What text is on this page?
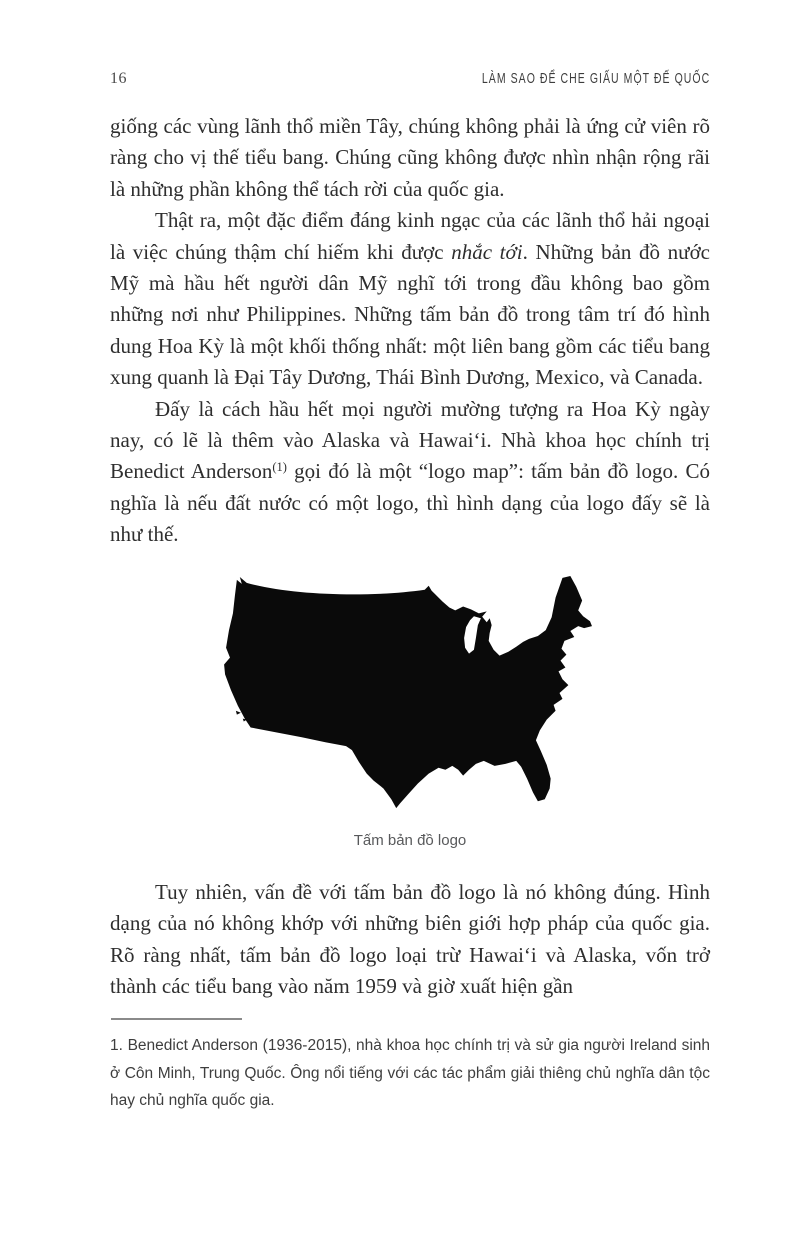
16	LÀM SAO ĐỂ CHE GIẤU MỘT ĐẾ QUỐC

giống các vùng lãnh thổ miền Tây, chúng không phải là ứng cử viên rõ ràng cho vị thế tiểu bang. Chúng cũng không được nhìn nhận rộng rãi là những phần không thể tách rời của quốc gia.

Thật ra, một đặc điểm đáng kinh ngạc của các lãnh thổ hải ngoại là việc chúng thậm chí hiếm khi được nhắc tới. Những bản đồ nước Mỹ mà hầu hết người dân Mỹ nghĩ tới trong đầu không bao gồm những nơi như Philippines. Những tấm bản đồ trong tâm trí đó hình dung Hoa Kỳ là một khối thống nhất: một liên bang gồm các tiểu bang xung quanh là Đại Tây Dương, Thái Bình Dương, Mexico, và Canada.

Đấy là cách hầu hết mọi người mường tượng ra Hoa Kỳ ngày nay, có lẽ là thêm vào Alaska và Hawaiʻi. Nhà khoa học chính trị Benedict Anderson$^{(1)}$ gọi đó là một “logo map”: tấm bản đồ logo. Có nghĩa là nếu đất nước có một logo, thì hình dạng của logo đấy sẽ là như thế.

Tấm bản đồ logo

Tuy nhiên, vấn đề với tấm bản đồ logo là nó không đúng. Hình dạng của nó không khớp với những biên giới hợp pháp của quốc gia. Rõ ràng nhất, tấm bản đồ logo loại trừ Hawaiʻi và Alaska, vốn trở thành các tiểu bang vào năm 1959 và giờ xuất hiện gần

1. Benedict Anderson (1936-2015), nhà khoa học chính trị và sử gia người Ireland sinh ở Côn Minh, Trung Quốc. Ông nổi tiếng với các tác phẩm giải thiêng chủ nghĩa dân tộc hay chủ nghĩa quốc gia.
